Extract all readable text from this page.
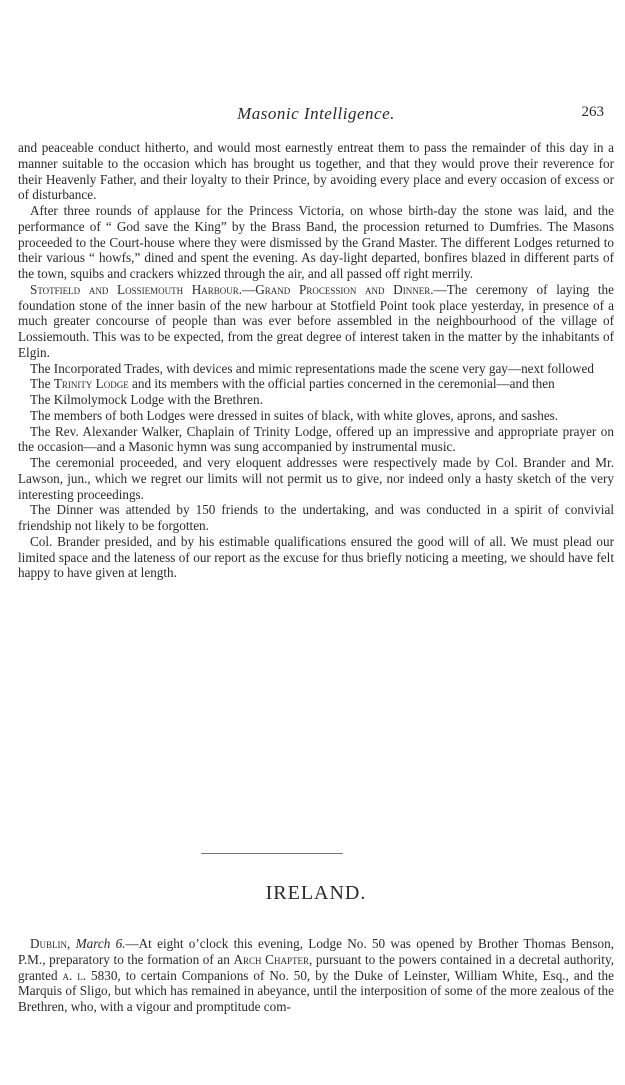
Masonic Intelligence.	263

and peaceable conduct hitherto, and would most earnestly entreat them to pass the remainder of this day in a manner suitable to the occasion which has brought us together, and that they would prove their reverence for their Heavenly Father, and their loyalty to their Prince, by avoiding every place and every occasion of excess or of disturbance.

After three rounds of applause for the Princess Victoria, on whose birth-day the stone was laid, and the performance of “ God save the King” by the Brass Band, the procession returned to Dumfries. The Masons proceeded to the Court-house where they were dismissed by the Grand Master. The different Lodges returned to their various “ howfs,” dined and spent the evening. As day-light departed, bonfires blazed in different parts of the town, squibs and crackers whizzed through the air, and all passed off right merrily.

Stotfield and Lossiemouth Harbour.—Grand Procession and Dinner.—The ceremony of laying the foundation stone of the inner basin of the new harbour at Stotfield Point took place yesterday, in presence of a much greater concourse of people than was ever before assembled in the neighbourhood of the village of Lossiemouth. This was to be expected, from the great degree of interest taken in the matter by the inhabitants of Elgin.

The Incorporated Trades, with devices and mimic representations made the scene very gay—next followed

The Trinity Lodge and its members with the official parties concerned in the ceremonial—and then

The Kilmolymock Lodge with the Brethren.

The members of both Lodges were dressed in suites of black, with white gloves, aprons, and sashes.

The Rev. Alexander Walker, Chaplain of Trinity Lodge, offered up an impressive and appropriate prayer on the occasion—and a Masonic hymn was sung accompanied by instrumental music.

The ceremonial proceeded, and very eloquent addresses were respectively made by Col. Brander and Mr. Lawson, jun., which we regret our limits will not permit us to give, nor indeed only a hasty sketch of the very interesting proceedings.

The Dinner was attended by 150 friends to the undertaking, and was conducted in a spirit of convivial friendship not likely to be forgotten.

Col. Brander presided, and by his estimable qualifications ensured the good will of all. We must plead our limited space and the lateness of our report as the excuse for thus briefly noticing a meeting, we should have felt happy to have given at length.

IRELAND.

Dublin, March 6.—At eight o’clock this evening, Lodge No. 50 was opened by Brother Thomas Benson, P.M., preparatory to the formation of an Arch Chapter, pursuant to the powers contained in a decretal authority, granted a. l. 5830, to certain Companions of No. 50, by the Duke of Leinster, William White, Esq., and the Marquis of Sligo, but which has remained in abeyance, until the interposition of some of the more zealous of the Brethren, who, with a vigour and promptitude com-
